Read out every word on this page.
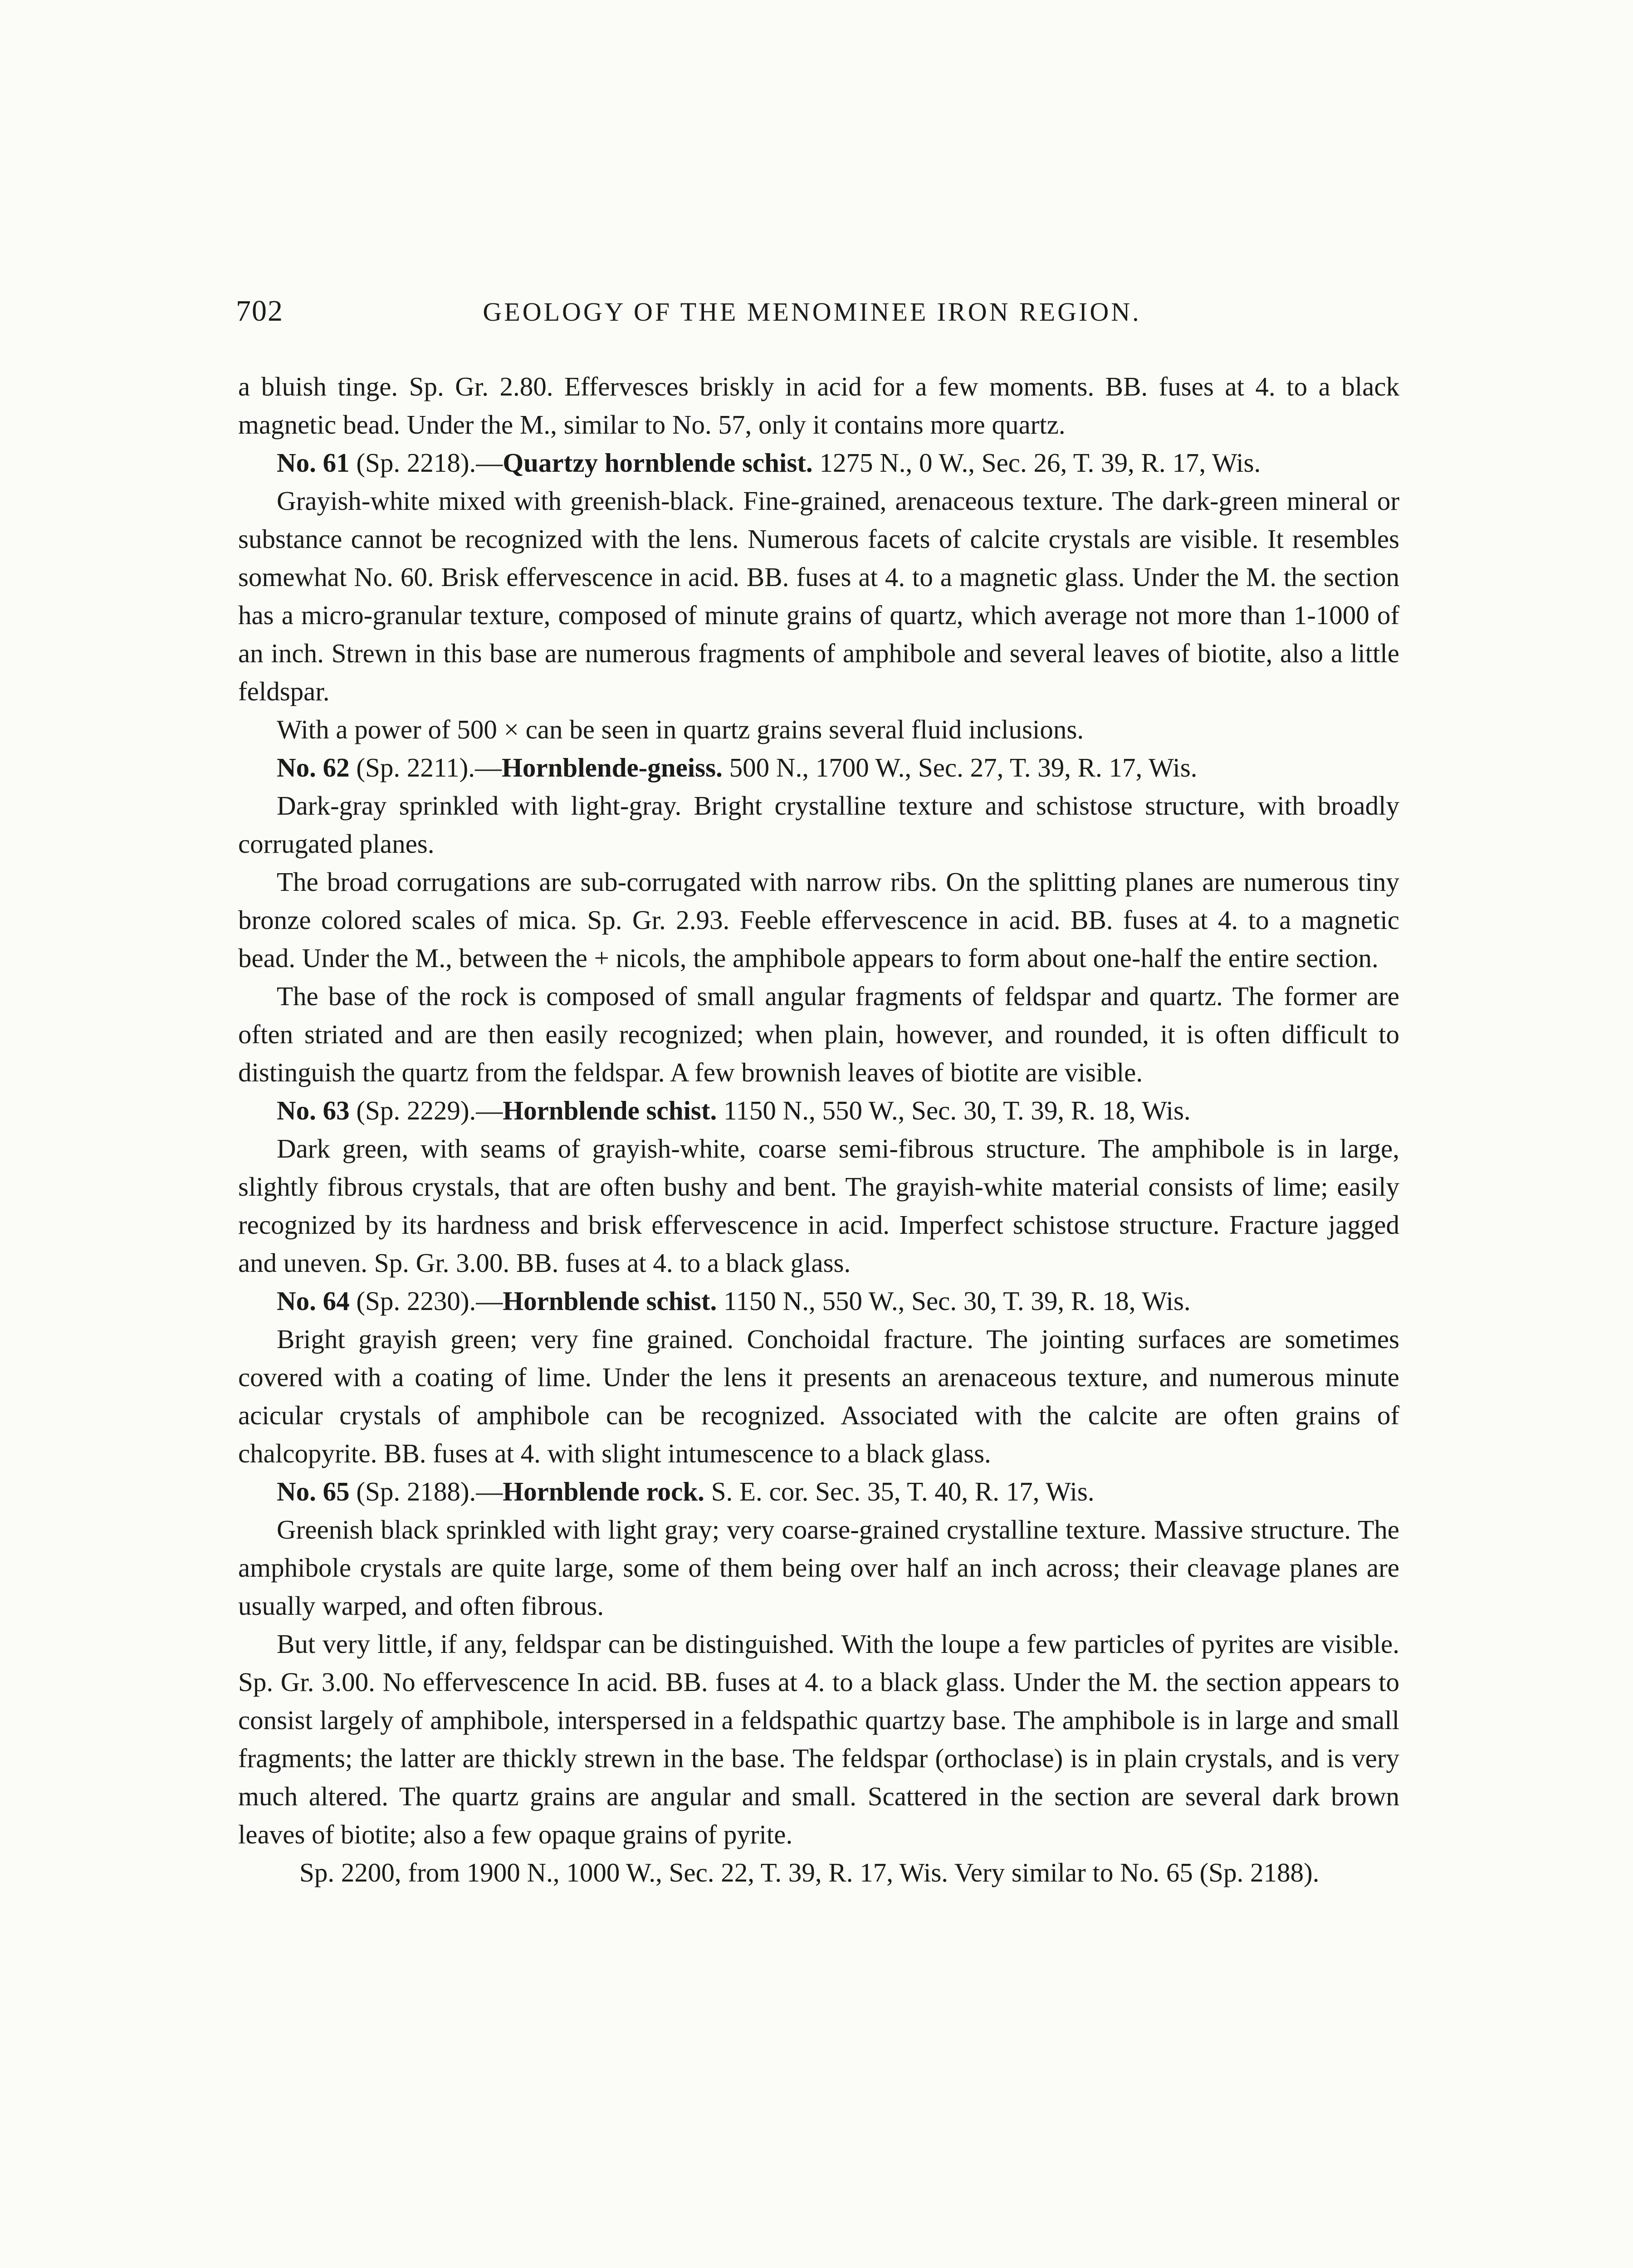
702	GEOLOGY OF THE MENOMINEE IRON REGION.

a bluish tinge. Sp. Gr. 2.80. Effervesces briskly in acid for a few moments. BB. fuses at 4. to a black magnetic bead. Under the M., similar to No. 57, only it contains more quartz.

No. 61 (Sp. 2218).—Quartzy hornblende schist. 1275 N., 0 W., Sec. 26, T. 39, R. 17, Wis.

Grayish-white mixed with greenish-black. Fine-grained, arenaceous texture. The dark-green mineral or substance cannot be recognized with the lens. Numerous facets of calcite crystals are visible. It resembles somewhat No. 60. Brisk effervescence in acid. BB. fuses at 4. to a magnetic glass. Under the M. the section has a micro-granular texture, composed of minute grains of quartz, which average not more than 1-1000 of an inch. Strewn in this base are numerous fragments of amphibole and several leaves of biotite, also a little feldspar.

With a power of 500 × can be seen in quartz grains several fluid inclusions.

No. 62 (Sp. 2211).—Hornblende-gneiss. 500 N., 1700 W., Sec. 27, T. 39, R. 17, Wis.

Dark-gray sprinkled with light-gray. Bright crystalline texture and schistose structure, with broadly corrugated planes.

The broad corrugations are sub-corrugated with narrow ribs. On the splitting planes are numerous tiny bronze colored scales of mica. Sp. Gr. 2.93. Feeble effervescence in acid. BB. fuses at 4. to a magnetic bead. Under the M., between the + nicols, the amphibole appears to form about one-half the entire section.

The base of the rock is composed of small angular fragments of feldspar and quartz. The former are often striated and are then easily recognized; when plain, however, and rounded, it is often difficult to distinguish the quartz from the feldspar. A few brownish leaves of biotite are visible.

No. 63 (Sp. 2229).—Hornblende schist. 1150 N., 550 W., Sec. 30, T. 39, R. 18, Wis.

Dark green, with seams of grayish-white, coarse semi-fibrous structure. The amphibole is in large, slightly fibrous crystals, that are often bushy and bent. The grayish-white material consists of lime; easily recognized by its hardness and brisk effervescence in acid. Imperfect schistose structure. Fracture jagged and uneven. Sp. Gr. 3.00. BB. fuses at 4. to a black glass.

No. 64 (Sp. 2230).—Hornblende schist. 1150 N., 550 W., Sec. 30, T. 39, R. 18, Wis.

Bright grayish green; very fine grained. Conchoidal fracture. The jointing surfaces are sometimes covered with a coating of lime. Under the lens it presents an arenaceous texture, and numerous minute acicular crystals of amphibole can be recognized. Associated with the calcite are often grains of chalcopyrite. BB. fuses at 4. with slight intumescence to a black glass.

No. 65 (Sp. 2188).—Hornblende rock. S. E. cor. Sec. 35, T. 40, R. 17, Wis.

Greenish black sprinkled with light gray; very coarse-grained crystalline texture. Massive structure. The amphibole crystals are quite large, some of them being over half an inch across; their cleavage planes are usually warped, and often fibrous.

But very little, if any, feldspar can be distinguished. With the loupe a few particles of pyrites are visible. Sp. Gr. 3.00. No effervescence In acid. BB. fuses at 4. to a black glass. Under the M. the section appears to consist largely of amphibole, interspersed in a feldspathic quartzy base. The amphibole is in large and small fragments; the latter are thickly strewn in the base. The feldspar (orthoclase) is in plain crystals, and is very much altered. The quartz grains are angular and small. Scattered in the section are several dark brown leaves of biotite; also a few opaque grains of pyrite.

Sp. 2200, from 1900 N., 1000 W., Sec. 22, T. 39, R. 17, Wis. Very similar to No. 65 (Sp. 2188).
